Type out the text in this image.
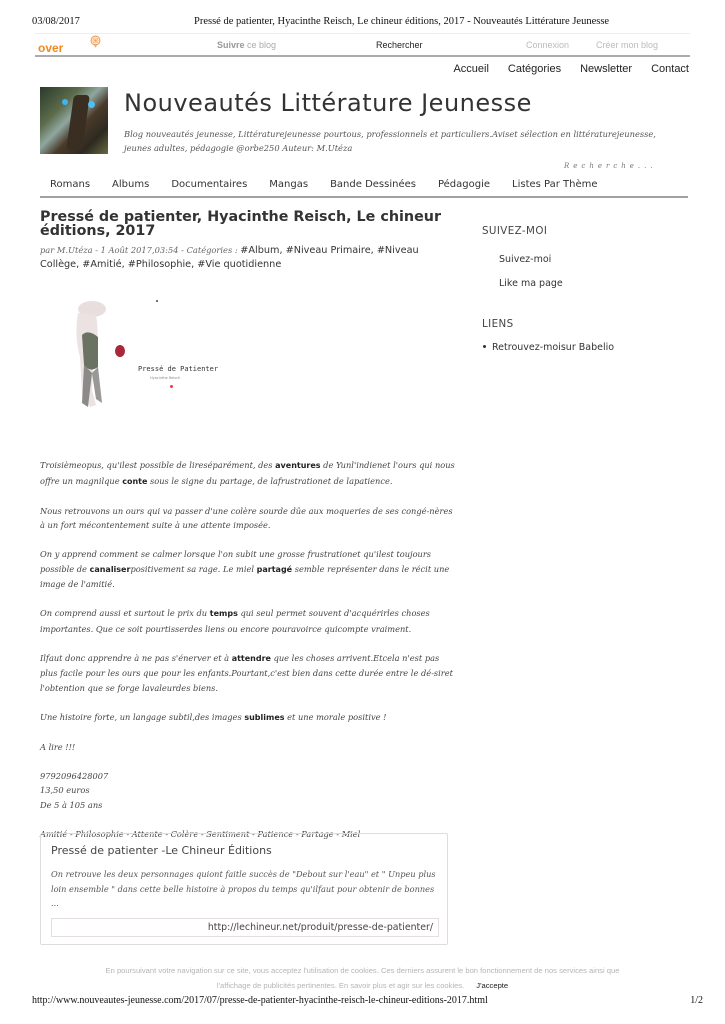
03/08/2017	Pressé de patienter, Hyacinthe Reisch, Le chineur éditions, 2017 - Nouveautés Littérature Jeunesse
over	Suivre ce blog	Rechercher	Connexion	Créer mon blog
Accueil Catégories Newsletter Contact
Nouveautés Littérature Jeunesse

Blog nouveautés jeunesse, Littératurejeunesse pourtous, professionnels et particuliers.Aviset sélection en littératurejeunesse, jeunes adultes, pédagogie @orbe250 Auteur: M.Utéza

Recherche...
Romans	Albums	Documentaires	Mangas	Bande Dessinées	Pédagogie	Listes Par Thème
Pressé de patienter, Hyacinthe Reisch, Le chineur éditions, 2017
par M.Utéza - 1 Août 2017,03:54 - Catégories : #Album, #Niveau Primaire, #Niveau Collège, #Amitié, #Philosophie, #Vie quotidienne
Pressé de Patienter
Hyacinthe Reisch

Troisièmeopus, qu'ilest possible de lireséparément, des aventures de Yunl'indienet l'ours qui nous offre un magnilque conte sous le signe du partage, de lafrustrationet de lapatience.

Nous retrouvons un ours qui va passer d'une colère sourde dûe aux moqueries de ses congé-nères à un fort mécontentement suite à une attente imposée.

On y apprend comment se calmer lorsque l'on subit une grosse frustrationet qu'ilest toujours possible de canaliserpositivement sa rage. Le miel partagé semble représenter dans le récit une image de l'amitié.

On comprend aussi et surtout le prix du temps qui seul permet souvent d'acquérirles choses importantes. Que ce soit pourtisserdes liens ou encore pouravoirce quicompte vraiment.

Ilfaut donc apprendre à ne pas s'énerver et à attendre que les choses arrivent.Etcela n'est pas plus facile pour les ours que pour les enfants.Pourtant,c'est bien dans cette durée entre le dé-siret l'obtention que se forge lavaleurdes biens.

Une histoire forte, un langage subtil,des images sublimes et une morale positive !

A lire !!!

9792096428007

13,50 euros

De 5 à 105 ans

Amitié - Philosophie - Attente - Colère - Sentiment - Patience - Partage - Miel

Pressé de patienter -Le Chineur Éditions
On retrouve les deux personnages quiont faitle succès de "Debout sur l'eau" et " Unpeu plus loin ensemble " dans cette belle histoire à propos du temps qu'ilfaut pour obtenir de bonnes ...
http://lechineur.net/produit/presse-de-patienter/
SUIVEZ-MOI
Suivez-moi
Like ma page
LIENS
Retrouvez-moisur Babelio
En poursuivant votre navigation sur ce site, vous acceptez l'utilisation de cookies. Ces derniers assurent le bon fonctionnement de nos services ainsi que
l'affichage de publicités pertinentes. En savoir plus et agir sur les cookies. J'accepte
http://www.nouveautes-jeunesse.com/2017/07/presse-de-patienter-hyacinthe-reisch-le-chineur-editions-2017.html	1/2
